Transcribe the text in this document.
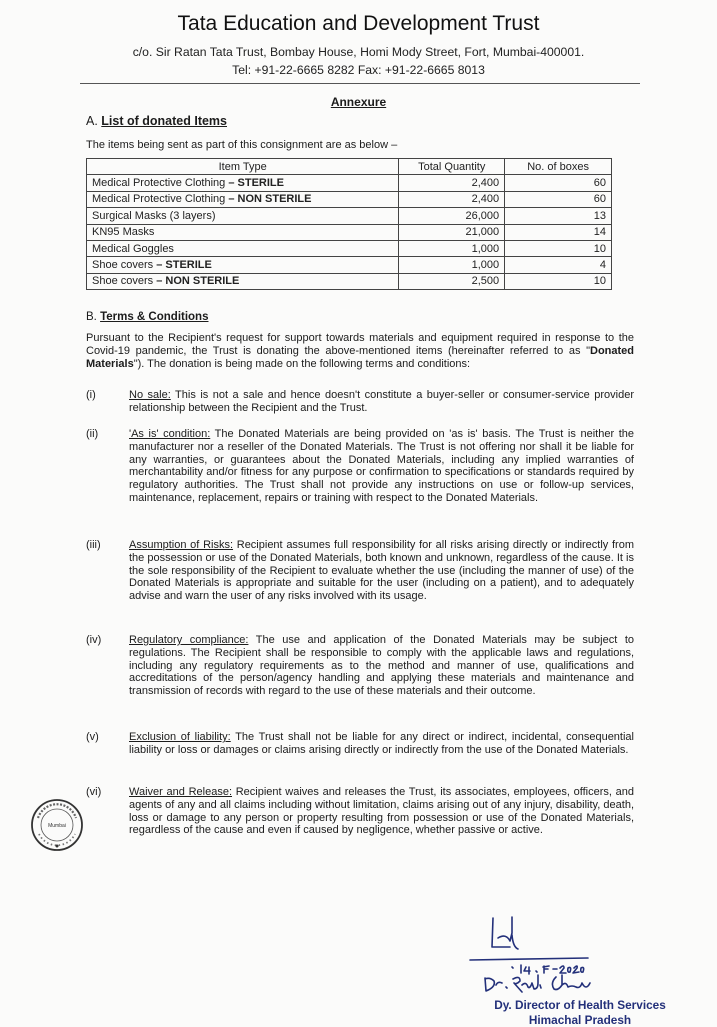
Tata Education and Development Trust
c/o. Sir Ratan Tata Trust, Bombay House, Homi Mody Street, Fort, Mumbai-400001.
Tel: +91-22-6665 8282 Fax: +91-22-6665 8013
Annexure
A. List of donated Items
The items being sent as part of this consignment are as below –
Item Type	Total Quantity	No. of boxes
Medical Protective Clothing – STERILE	2,400	60
Medical Protective Clothing – NON STERILE	2,400	60
Surgical Masks (3 layers)	26,000	13
KN95 Masks	21,000	14
Medical Goggles	1,000	10
Shoe covers – STERILE	1,000	4
Shoe covers – NON STERILE	2,500	10
B. Terms & Conditions
Pursuant to the Recipient's request for support towards materials and equipment required in response to the Covid-19 pandemic, the Trust is donating the above-mentioned items (hereinafter referred to as "Donated Materials"). The donation is being made on the following terms and conditions:
(i)	No sale: This is not a sale and hence doesn't constitute a buyer-seller or consumer-service provider relationship between the Recipient and the Trust.
(ii)	'As is' condition: The Donated Materials are being provided on 'as is' basis. The Trust is neither the manufacturer nor a reseller of the Donated Materials. The Trust is not offering nor shall it be liable for any warranties, or guarantees about the Donated Materials, including any implied warranties of merchantability and/or fitness for any purpose or confirmation to specifications or standards required by regulatory authorities. The Trust shall not provide any instructions on use or follow-up services, maintenance, replacement, repairs or training with respect to the Donated Materials.
(iii)	Assumption of Risks: Recipient assumes full responsibility for all risks arising directly or indirectly from the possession or use of the Donated Materials, both known and unknown, regardless of the cause. It is the sole responsibility of the Recipient to evaluate whether the use (including the manner of use) of the Donated Materials is appropriate and suitable for the user (including on a patient), and to adequately advise and warn the user of any risks involved with its usage.
(iv)	Regulatory compliance: The use and application of the Donated Materials may be subject to regulations. The Recipient shall be responsible to comply with the applicable laws and regulations, including any regulatory requirements as to the method and manner of use, qualifications and accreditations of the person/agency handling and applying these materials and maintenance and transmission of records with regard to the use of these materials and their outcome.
(v)	Exclusion of liability: The Trust shall not be liable for any direct or indirect, incidental, consequential liability or loss or damages or claims arising directly or indirectly from the use of the Donated Materials.
(vi)	Waiver and Release: Recipient waives and releases the Trust, its associates, employees, officers, and agents of any and all claims including without limitation, claims arising out of any injury, disability, death, loss or damage to any person or property resulting from possession or use of the Donated Materials, regardless of the cause and even if caused by negligence, whether passive or active.
Mumbai
Dy. Director of Health Services
Himachal Pradesh
